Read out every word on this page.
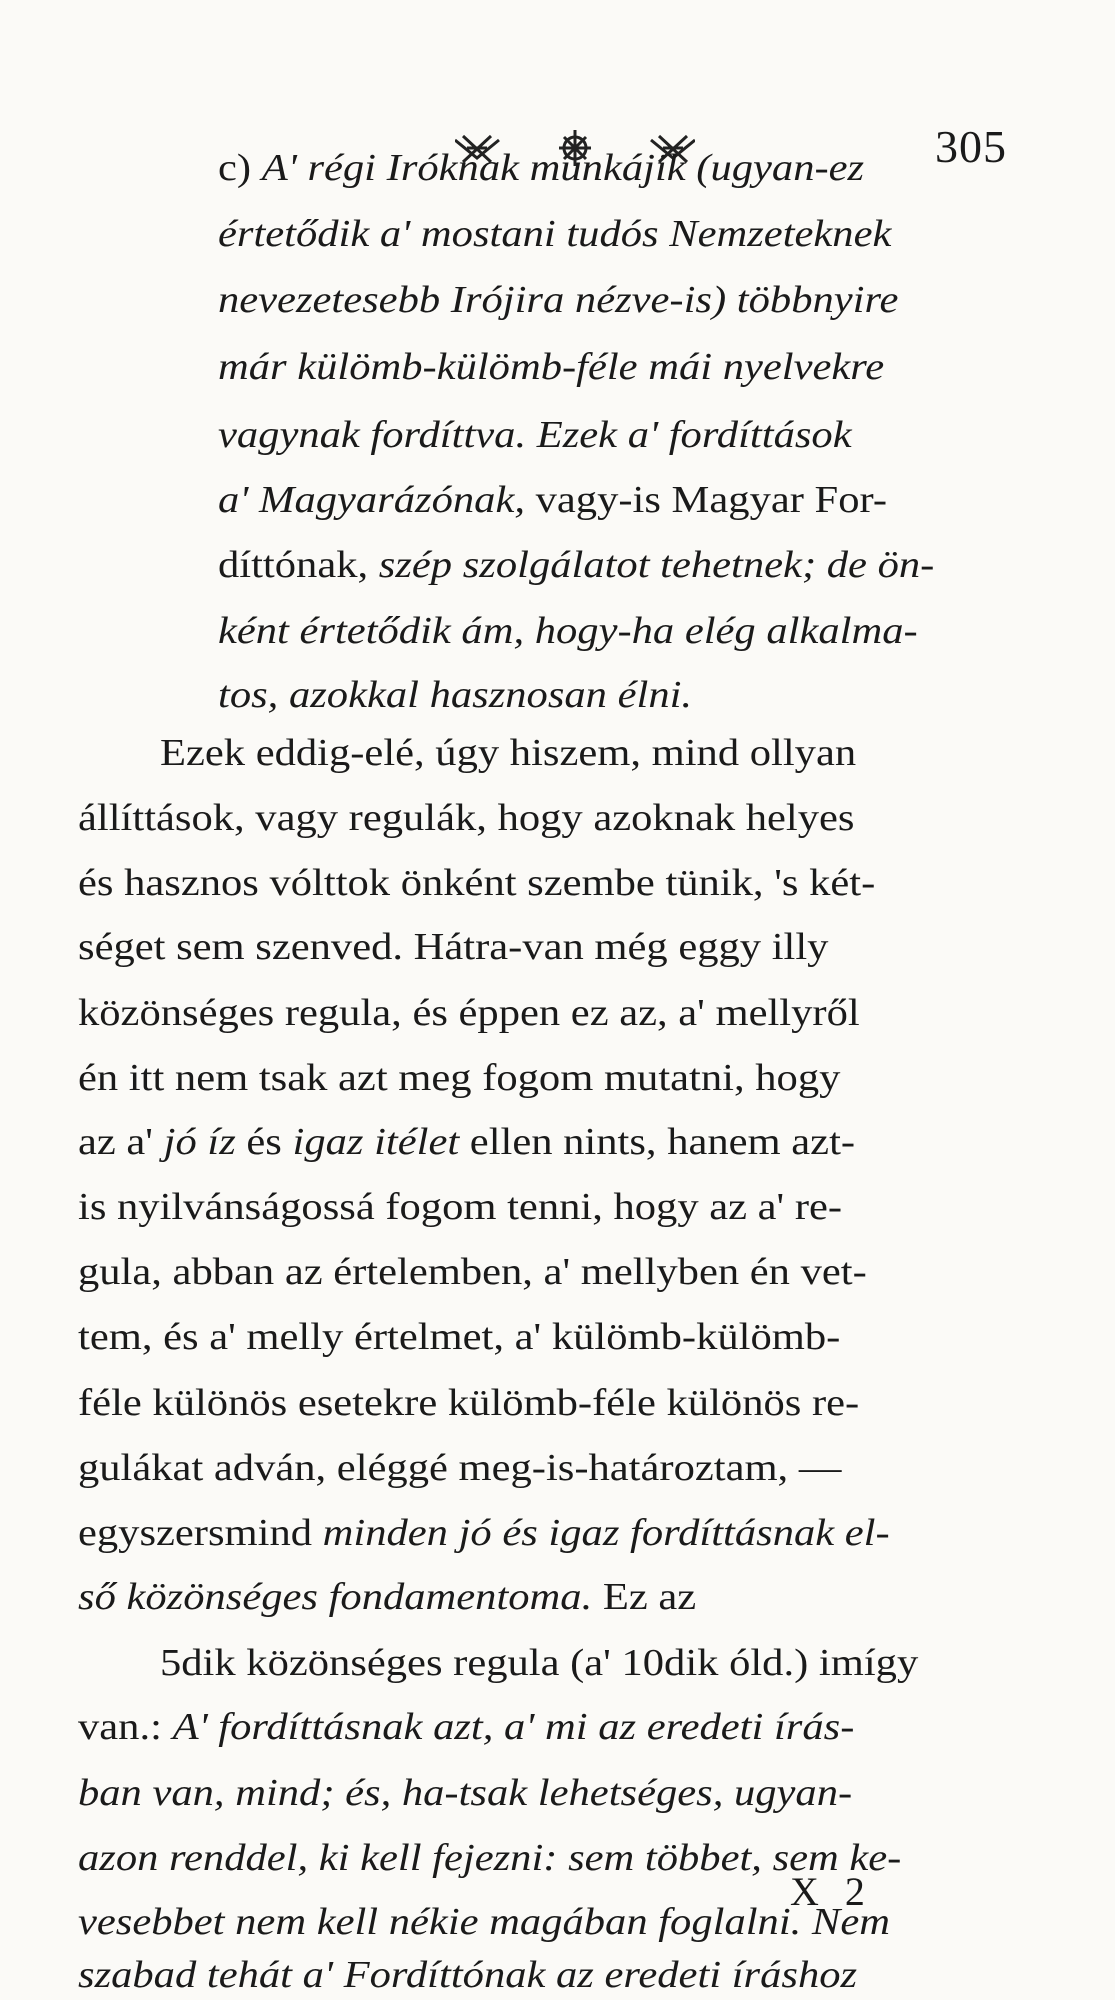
305
c) A' régi Iróknak munkájik (ugyan-ez
értetődik a' mostani tudós Nemzeteknek
nevezetesebb Irójira nézve-is) többnyire
már külömb-külömb-féle mái nyelvekre
vagynak fordíttva. Ezek a' fordíttások
a' Magyarázónak, vagy-is Magyar For-
díttónak, szép szolgálatot tehetnek; de ön-
ként értetődik ám, hogy-ha elég alkalma-
tos, azokkal hasznosan élni.
Ezek eddig-elé, úgy hiszem, mind ollyan
állíttások, vagy regulák, hogy azoknak helyes
és hasznos vólttok önként szembe tünik, 's két-
séget sem szenved. Hátra-van még eggy illy
közönséges regula, és éppen ez az, a' mellyről
én itt nem tsak azt meg fogom mutatni, hogy
az a' jó íz és igaz itélet ellen nints, hanem azt-
is nyilvánságossá fogom tenni, hogy az a' re-
gula, abban az értelemben, a' mellyben én vet-
tem, és a' melly értelmet, a' külömb-külömb-
féle különös esetekre külömb-féle különös re-
gulákat adván, eléggé meg-is-határoztam, —
egyszersmind minden jó és igaz fordíttásnak el-
ső közönséges fondamentoma. Ez az
5dik közönséges regula (a' 10dik óld.) imígy
van.: A' fordíttásnak azt, a' mi az eredeti írás-
ban van, mind; és, ha-tsak lehetséges, ugyan-
azon renddel, ki kell fejezni: sem többet, sem ke-
vesebbet nem kell nékie magában foglalni. Nem
szabad tehát a' Fordíttónak az eredeti íráshoz
X 2
